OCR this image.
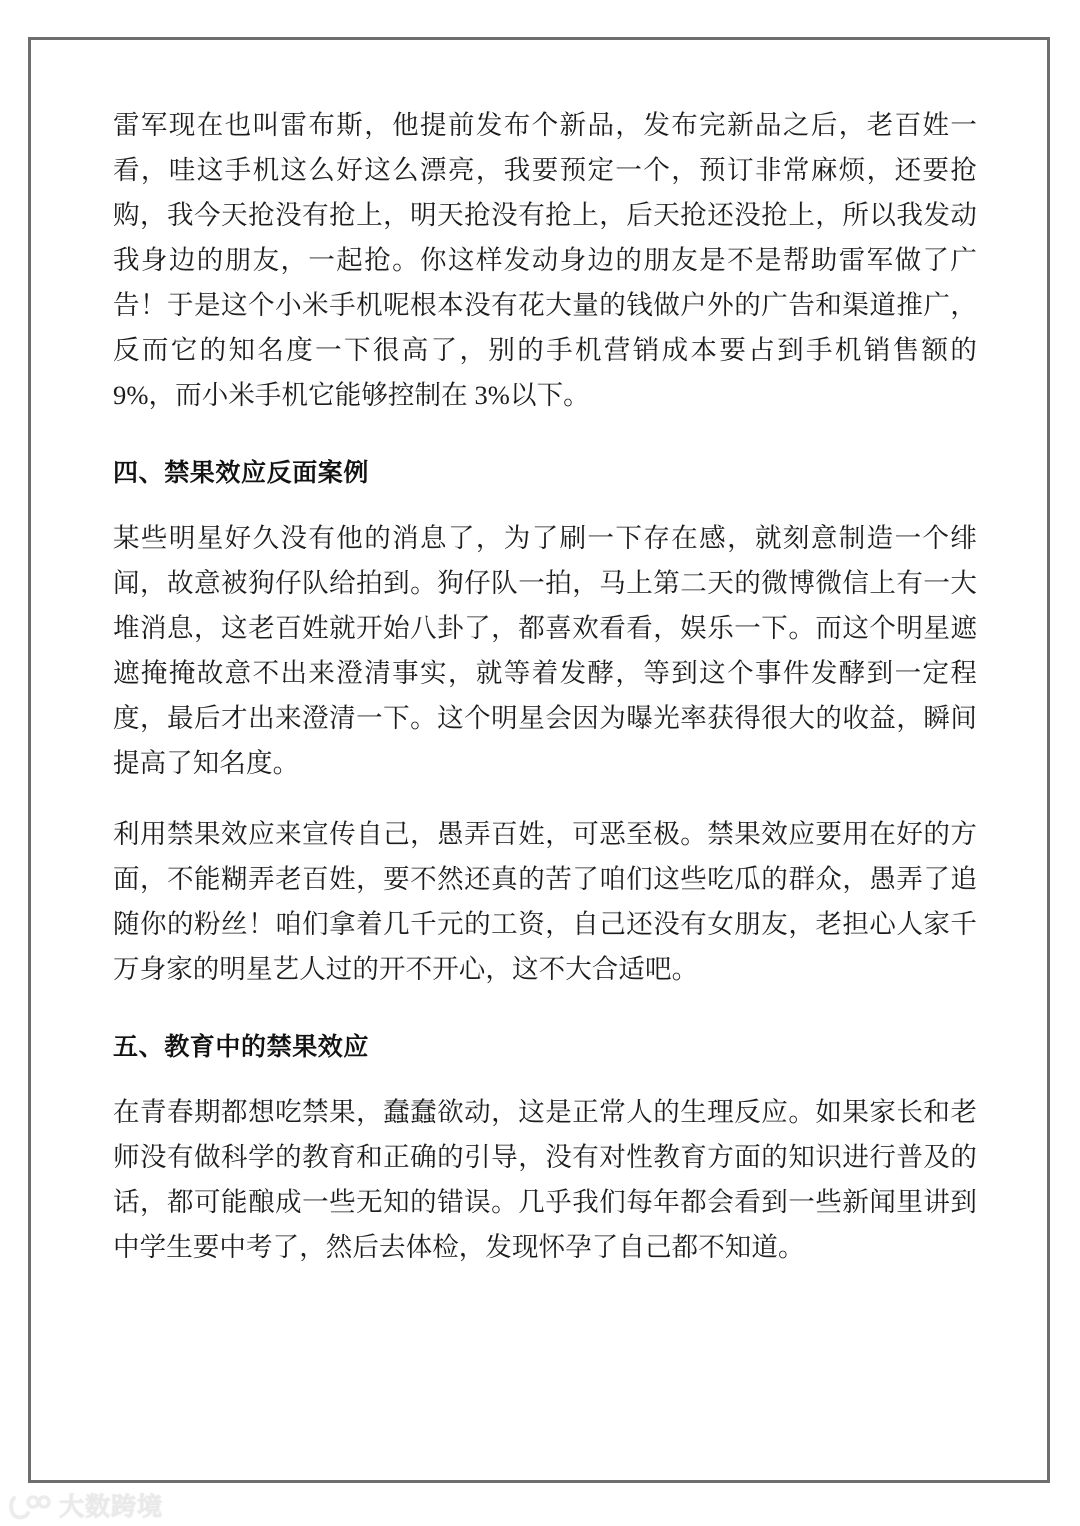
雷军现在也叫雷布斯，他提前发布个新品，发布完新品之后，老百姓一看，哇这手机这么好这么漂亮，我要预定一个，预订非常麻烦，还要抢购，我今天抢没有抢上，明天抢没有抢上，后天抢还没抢上，所以我发动我身边的朋友，一起抢。你这样发动身边的朋友是不是帮助雷军做了广告！于是这个小米手机呢根本没有花大量的钱做户外的广告和渠道推广，反而它的知名度一下很高了，别的手机营销成本要占到手机销售额的 9%，而小米手机它能够控制在 3%以下。

四、禁果效应反面案例

某些明星好久没有他的消息了，为了刷一下存在感，就刻意制造一个绯闻，故意被狗仔队给拍到。狗仔队一拍，马上第二天的微博微信上有一大堆消息，这老百姓就开始八卦了，都喜欢看看，娱乐一下。而这个明星遮遮掩掩故意不出来澄清事实，就等着发酵，等到这个事件发酵到一定程度，最后才出来澄清一下。这个明星会因为曝光率获得很大的收益，瞬间提高了知名度。

利用禁果效应来宣传自己，愚弄百姓，可恶至极。禁果效应要用在好的方面，不能糊弄老百姓，要不然还真的苦了咱们这些吃瓜的群众，愚弄了追随你的粉丝！咱们拿着几千元的工资，自己还没有女朋友，老担心人家千万身家的明星艺人过的开不开心，这不大合适吧。

五、教育中的禁果效应

在青春期都想吃禁果，蠢蠢欲动，这是正常人的生理反应。如果家长和老师没有做科学的教育和正确的引导，没有对性教育方面的知识进行普及的话，都可能酿成一些无知的错误。几乎我们每年都会看到一些新闻里讲到中学生要中考了，然后去体检，发现怀孕了自己都不知道。

大数跨境
